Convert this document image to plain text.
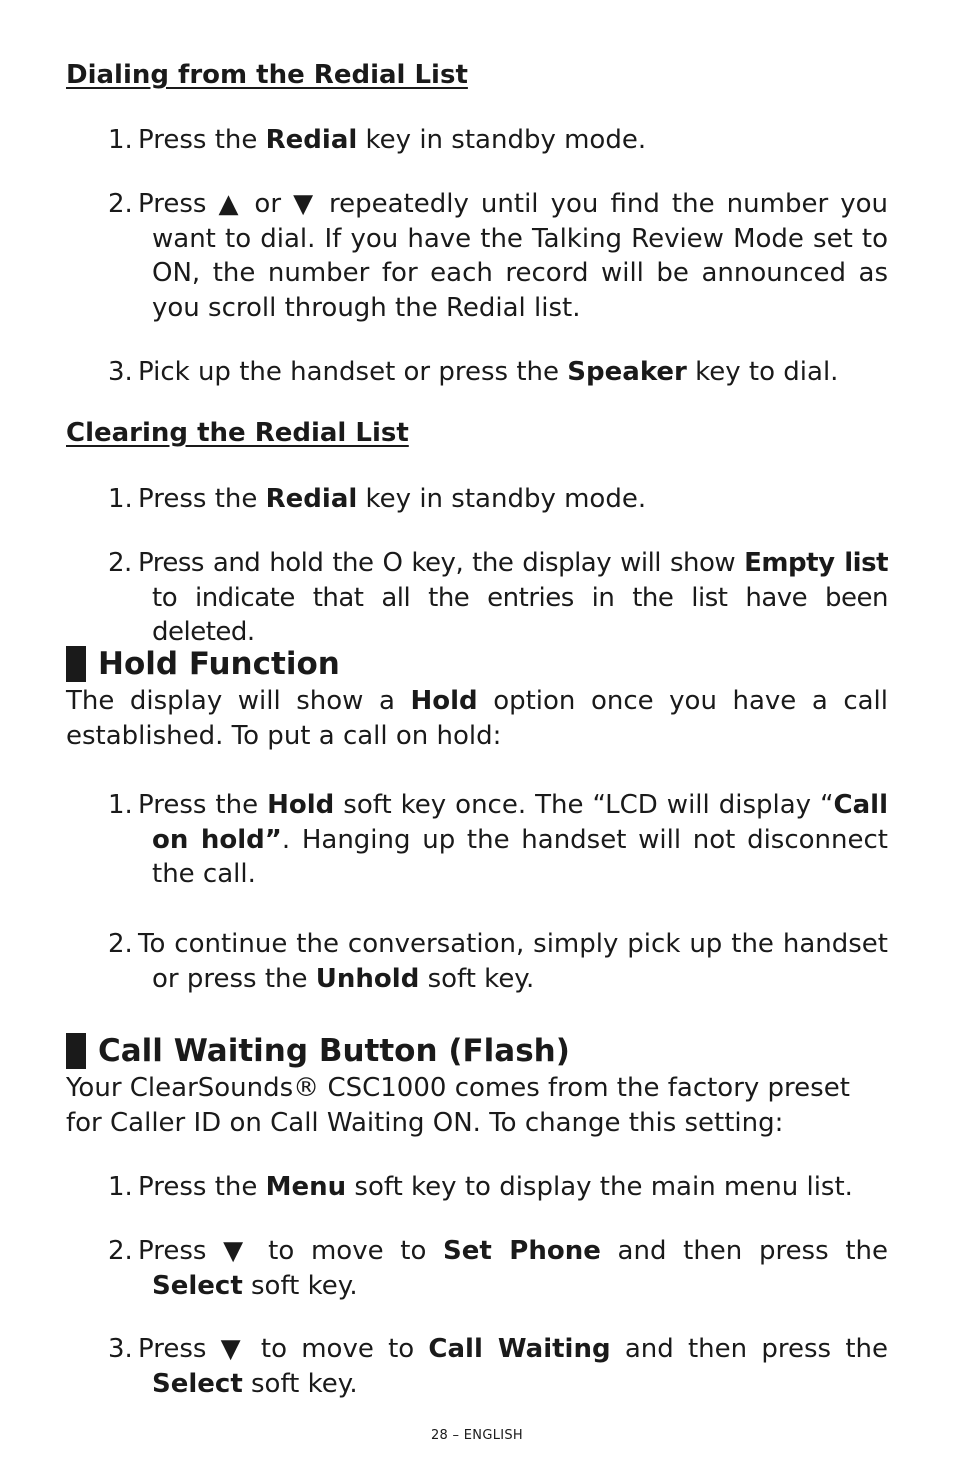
Dialing from the Redial List
1. Press the Redial key in standby mode.
2. Press ▲ or ▼ repeatedly until you find the number you want to dial. If you have the Talking Review Mode set to ON, the number for each record will be announced as you scroll through the Redial list.
3. Pick up the handset or press the Speaker key to dial.
Clearing the Redial List
1. Press the Redial key in standby mode.
2. Press and hold the O key, the display will show Empty list to indicate that all the entries in the list have been deleted.
Hold Function
The display will show a Hold option once you have a call established. To put a call on hold:
1. Press the Hold soft key once. The “LCD will display “Call on hold”. Hanging up the handset will not disconnect the call.
2. To continue the conversation, simply pick up the handset or press the Unhold soft key.
Call Waiting Button (Flash)
Your ClearSounds® CSC1000 comes from the factory preset for Caller ID on Call Waiting ON. To change this setting:
1. Press the Menu soft key to display the main menu list.
2. Press ▼ to move to Set Phone and then press the Select soft key.
3. Press ▼ to move to Call Waiting and then press the Select soft key.
28 – ENGLISH
